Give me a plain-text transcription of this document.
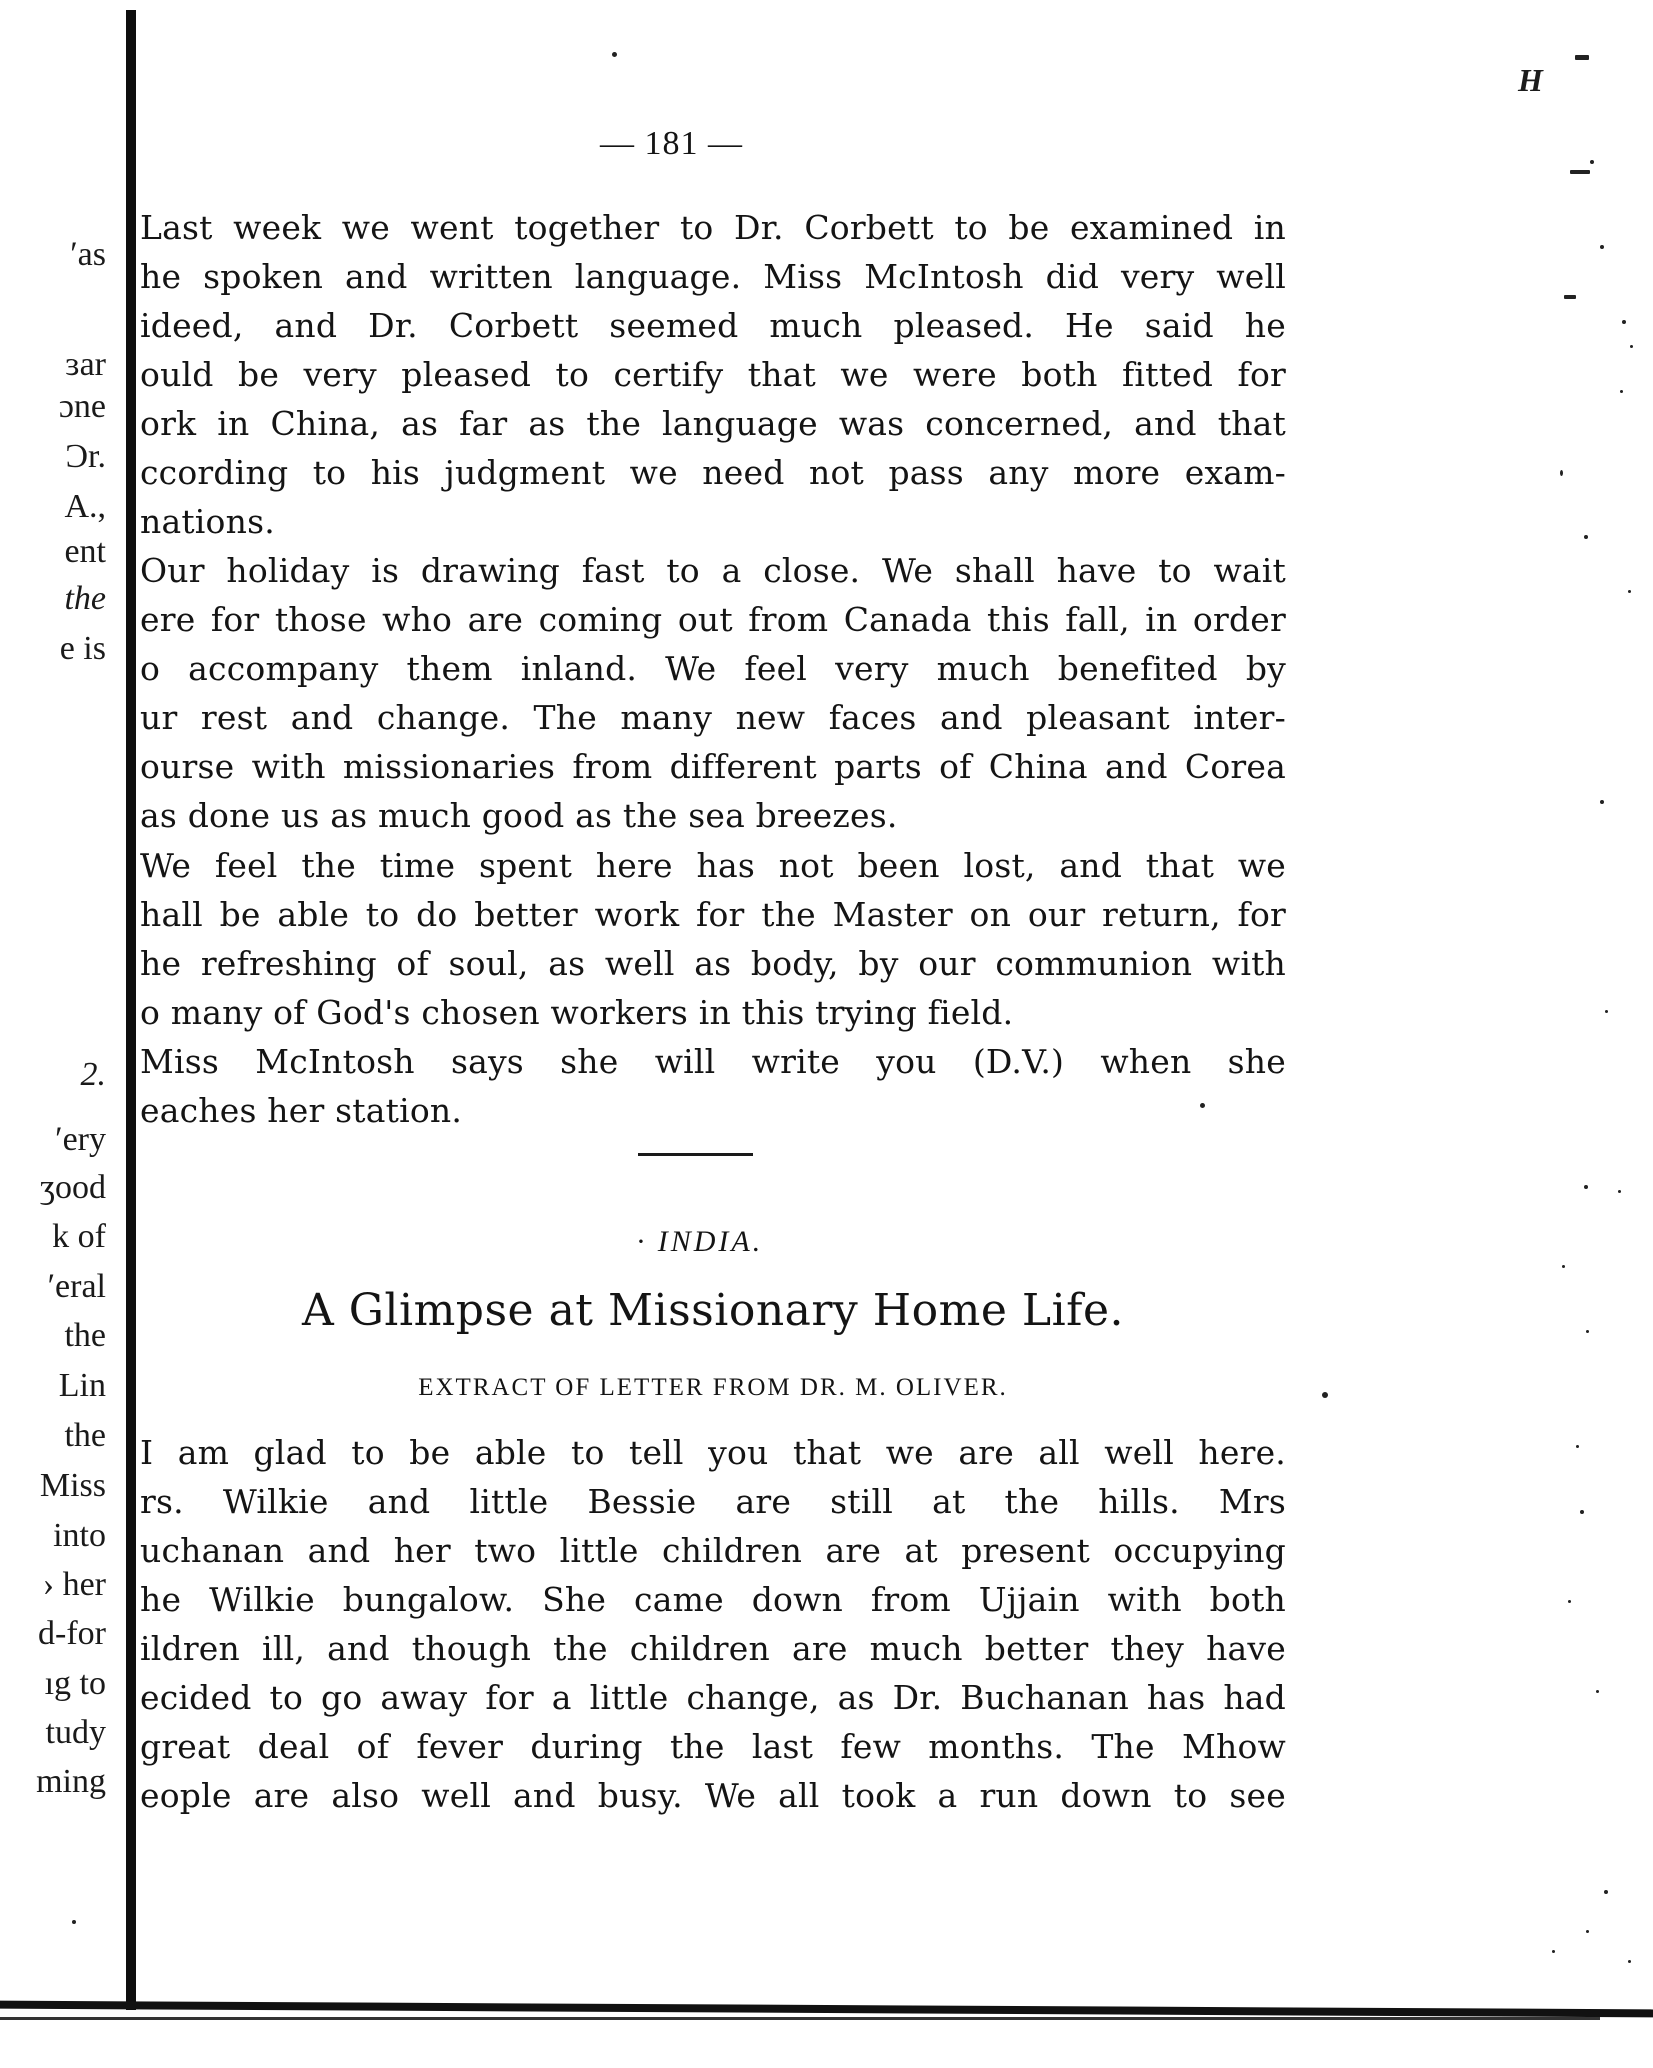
ʹas
ɜar
ɔne
Ɔr.
A.,
ent
the
e is
2.
ʹery
ʒood
k of
ʹeral
the
Lin
the
Miss
into
› her
d-for
ıg to
tudy
ming
H
— 181 —
Last week we went together to Dr. Corbett to be examined in
he spoken and written language. Miss McIntosh did very well
ideed, and Dr. Corbett seemed much pleased. He said he
ould be very pleased to certify that we were both fitted for
ork in China, as far as the language was concerned, and that
ccording to his judgment we need not pass any more exam-
nations.
Our holiday is drawing fast to a close. We shall have to wait
ere for those who are coming out from Canada this fall, in order
o accompany them inland. We feel very much benefited by
ur rest and change. The many new faces and pleasant inter-
ourse with missionaries from different parts of China and Corea
as done us as much good as the sea breezes.
We feel the time spent here has not been lost, and that we
hall be able to do better work for the Master on our return, for
he refreshing of soul, as well as body, by our communion with
o many of God's chosen workers in this trying field.
Miss McIntosh says she will write you (D.V.) when she
eaches her station.
· INDIA.
A Glimpse at Missionary Home Life.
EXTRACT OF LETTER FROM DR. M. OLIVER.
I am glad to be able to tell you that we are all well here.
rs. Wilkie and little Bessie are still at the hills. Mrs
uchanan and her two little children are at present occupying
he Wilkie bungalow. She came down from Ujjain with both
ildren ill, and though the children are much better they have
ecided to go away for a little change, as Dr. Buchanan has had
great deal of fever during the last few months. The Mhow
eople are also well and busy. We all took a run down to see
